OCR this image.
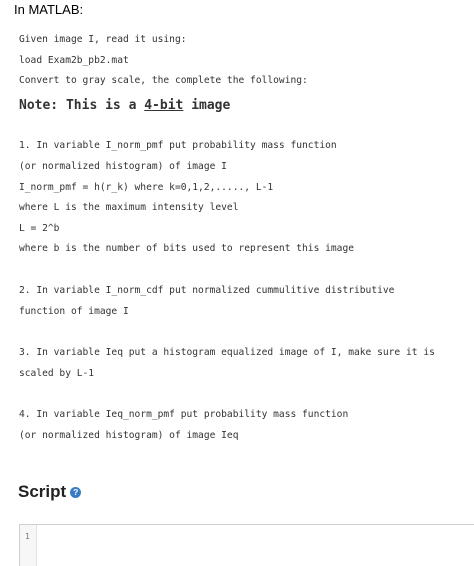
In MATLAB:
Given image I, read it using:
load Exam2b_pb2.mat
Convert to gray scale, the complete the following:
Note: This is a 4-bit image
1. In variable I_norm_pmf put probability mass function
(or normalized histogram) of image I
I_norm_pmf = h(r_k) where k=0,1,2,....., L-1
where L is the maximum intensity level
L = 2^b
where b is the number of bits used to represent this image
2. In variable I_norm_cdf put normalized cummulitive distributive
function of image I
3. In variable Ieq put a histogram equalized image of I, make sure it is
scaled by L-1
4. In variable Ieq_norm_pmf put probability mass function
(or normalized histogram) of image Ieq
Script ?
1
